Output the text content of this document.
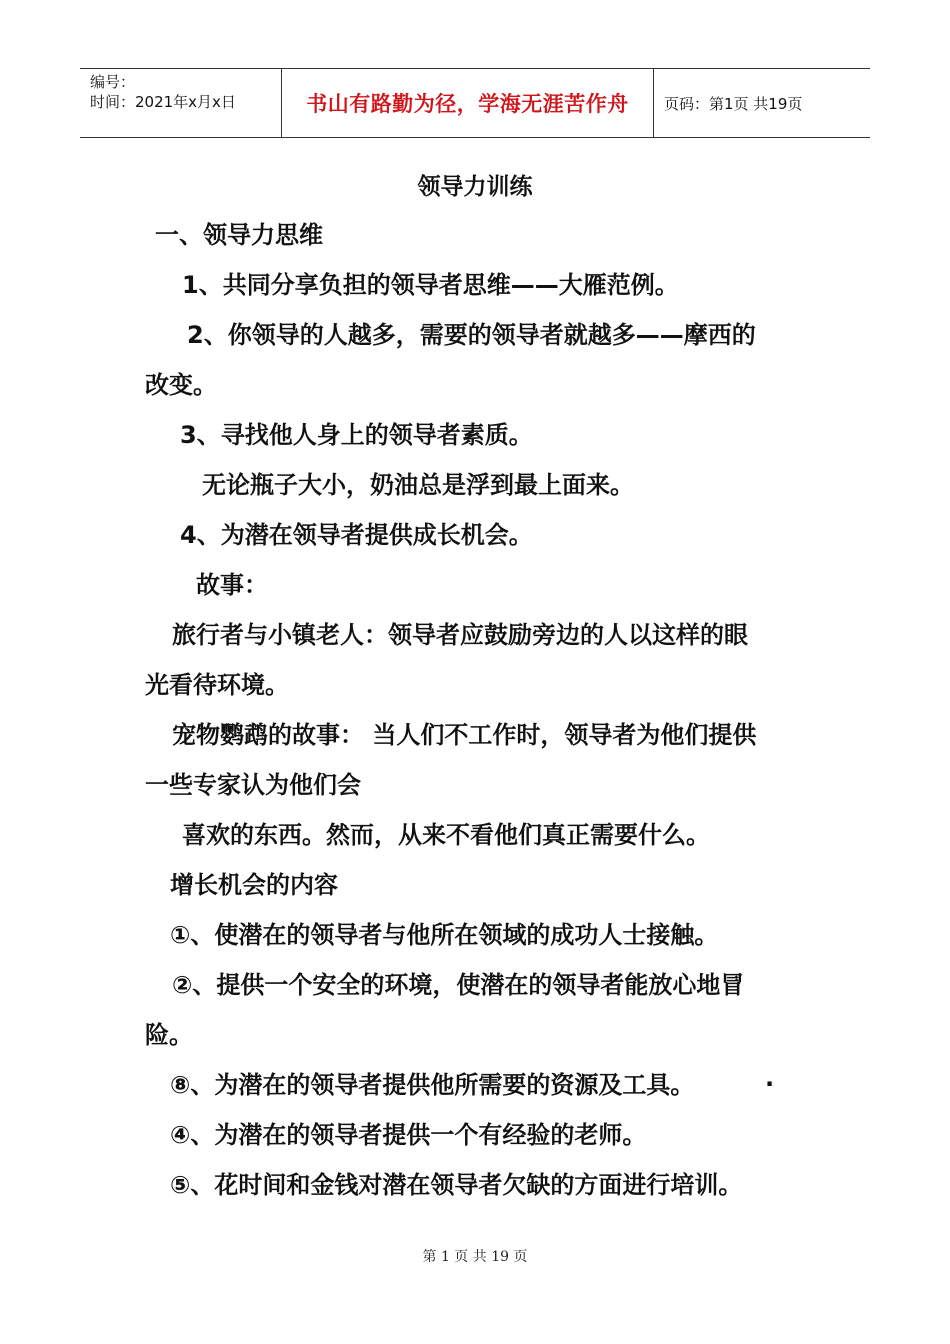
编号：
时间：2021年x月x日	书山有路勤为径，学海无涯苦作舟	页码：第1页 共19页
领导力训练
一、领导力思维
1、共同分享负担的领导者思维——大雁范例。
2、你领导的人越多，需要的领导者就越多——摩西的
改变。
3、寻找他人身上的领导者素质。
无论瓶子大小，奶油总是浮到最上面来。
4、为潜在领导者提供成长机会。
故事：
旅行者与小镇老人：领导者应鼓励旁边的人以这样的眼
光看待环境。
宠物鹦鹉的故事： 当人们不工作时，领导者为他们提供
一些专家认为他们会
喜欢的东西。然而，从来不看他们真正需要什么。
增长机会的内容
①、使潜在的领导者与他所在领域的成功人士接触。
②、提供一个安全的环境，使潜在的领导者能放心地冒
险。
⑧、为潜在的领导者提供他所需要的资源及工具。	·
④、为潜在的领导者提供一个有经验的老师。
⑤、花时间和金钱对潜在领导者欠缺的方面进行培训。
第 1 页 共 19 页
